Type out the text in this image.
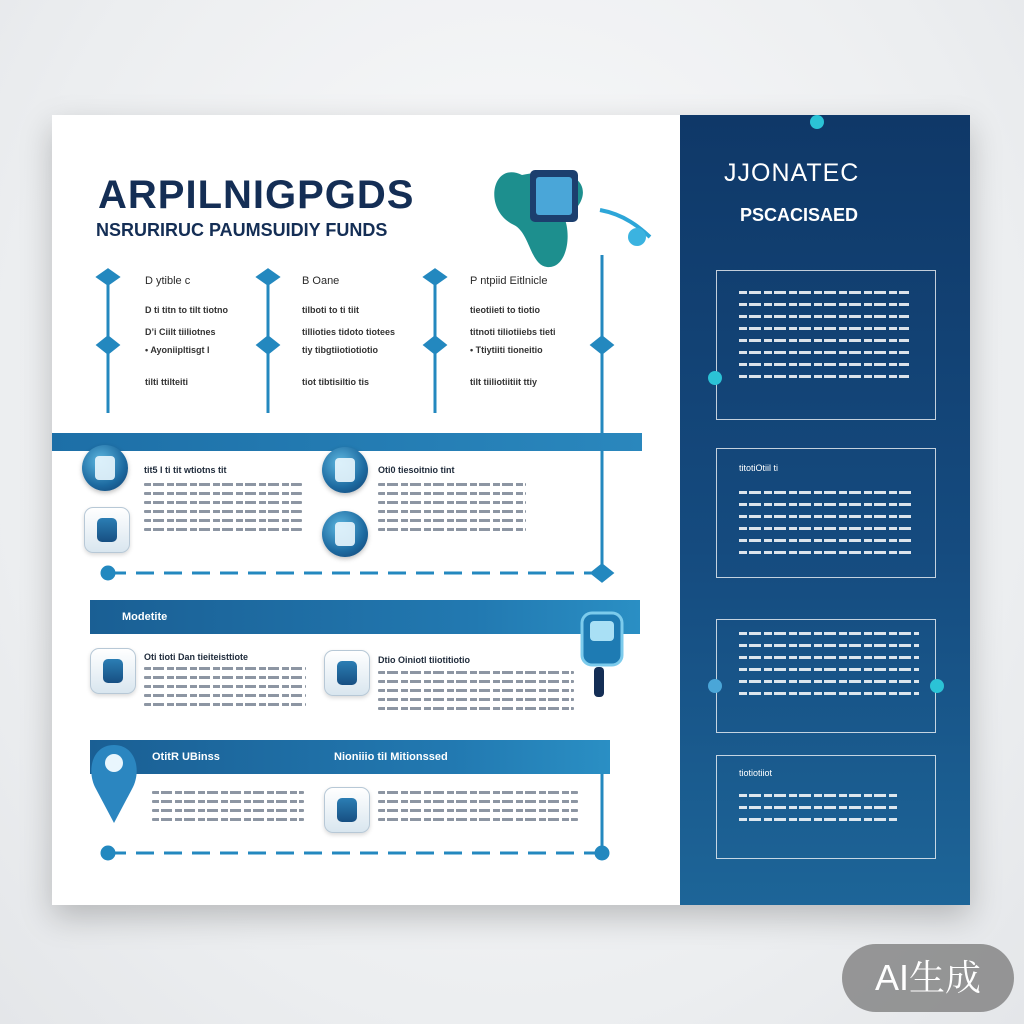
ARPILNIGPGDS
NSRURIRUC PAUMSUIDIY FUNDS
D ytible c
D ti titn to tilt tiotno
D’i Ciilt tiiliotnes
• Ayoniipltisgt l
tilti ttilteiti
B Oane
tilboti to ti tiit
tillioties tidoto tiotees
tiy tibgtiiotiotiotio
tiot tibtisiltio tis
P ntpiid Eitlnicle
tieotiieti to tiotio
titnoti tiliotiiebs tieti
• Ttiytiiti tioneitio
tilt tiiliotiitiit ttiy
tit5 I ti tit wtiotns tit	Oti0 tiesoitnio tint
Modetite
Oti tioti Dan tieiteisttiote	Dtio Oiniotl tiiotitiotio
OtitR UBinss	Nioniiio tiI Mitionssed
JJONATEC
PSCACISAED
titotiOtiil ti
tiotiotiiot
AI生成
